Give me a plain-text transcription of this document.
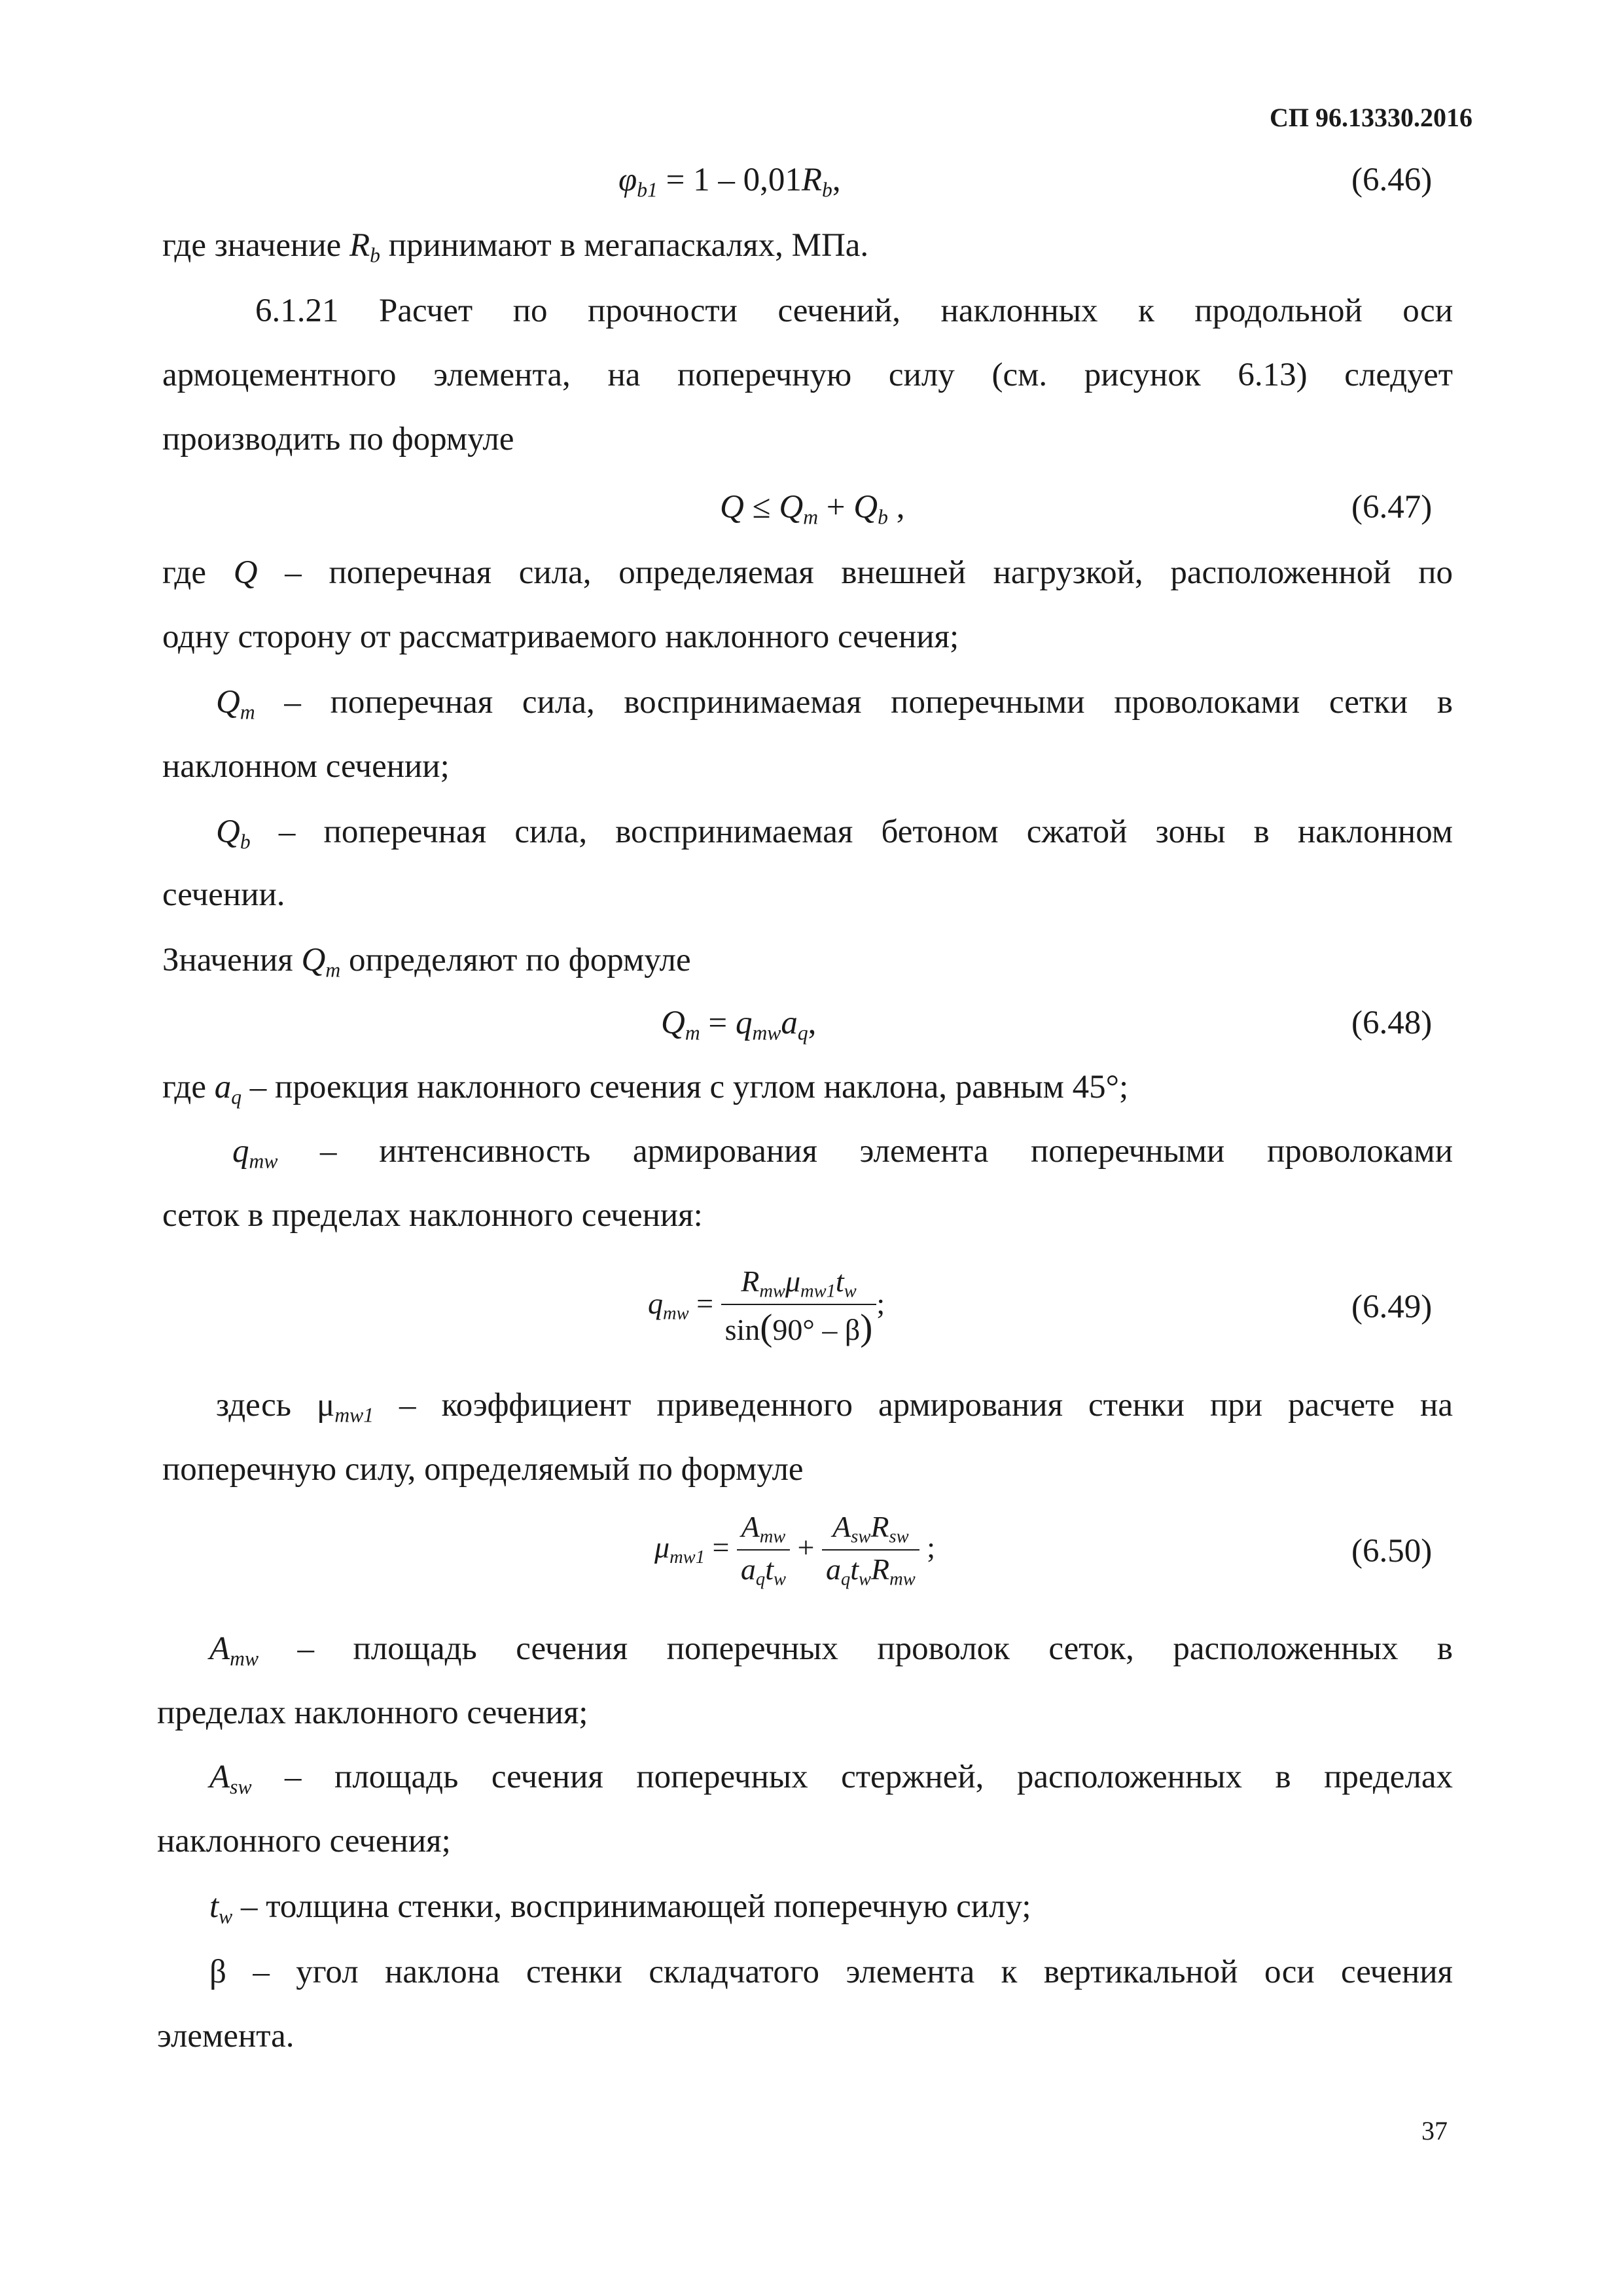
СП 96.13330.2016
$\varphi_{b1} = 1 - 0,01R_b$,	(6.46)
где значение $R_b$ принимают в мегапаскалях, МПа.
6.1.21 Расчет по прочности сечений, наклонных к продольной оси
армоцементного элемента, на поперечную силу (см. рисунок 6.13) следует
производить по формуле
$Q \le Q_m + Q_b$ ,	(6.47)
где Q – поперечная сила, определяемая внешней нагрузкой, расположенной по
одну сторону от рассматриваемого наклонного сечения;
$Q_m$ – поперечная сила, воспринимаемая поперечными проволоками сетки в
наклонном сечении;
$Q_b$ – поперечная сила, воспринимаемая бетоном сжатой зоны в наклонном
сечении.
Значения $Q_m$ определяют по формуле
$Q_m = q_{mw}a_q$,	(6.48)
где $a_q$ – проекция наклонного сечения с углом наклона, равным 45°;
$q_{mw}$ – интенсивность армирования элемента поперечными проволоками
сеток в пределах наклонного сечения:
$q_{mw} = \frac{R_{mw}\mu_{mw1}t_w}{\sin(90^\circ - \beta)}$ ;	(6.49)
здесь $\mu_{mw1}$ – коэффициент приведенного армирования стенки при расчете на
поперечную силу, определяемый по формуле
$\mu_{mw1} = \frac{A_{mw}}{a_qt_w} + \frac{A_{sw}R_{sw}}{a_qt_wR_{mw}}$ ;	(6.50)
$A_{mw}$ – площадь сечения поперечных проволок сеток, расположенных в
пределах наклонного сечения;
$A_{sw}$ – площадь сечения поперечных стержней, расположенных в пределах
наклонного сечения;
$t_w$ – толщина стенки, воспринимающей поперечную силу;
β – угол наклона стенки складчатого элемента к вертикальной оси сечения
элемента.
37
